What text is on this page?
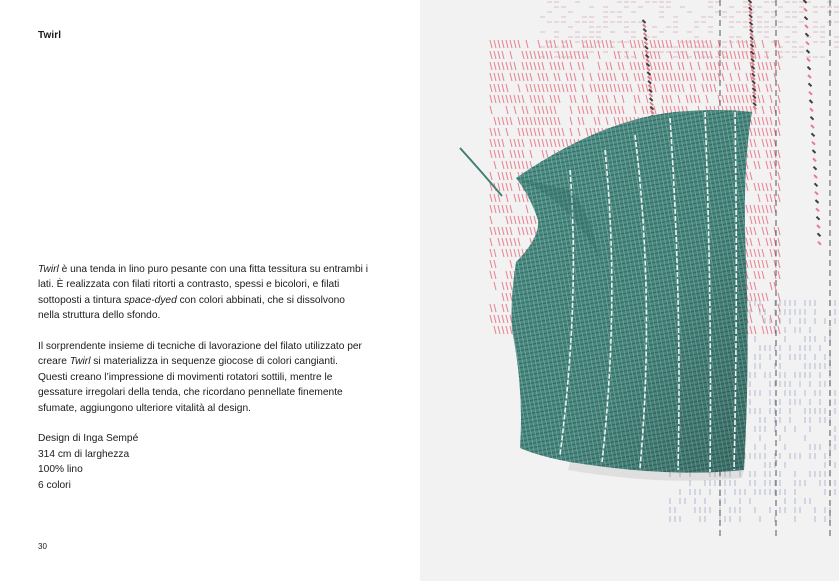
Twirl

Twirl è una tenda in lino puro pesante con una fitta tessitura su entrambi i lati. È realizzata con filati ritorti a contrasto, spessi e bicolori, e filati sottoposti a tintura space-dyed con colori abbinati, che si dissolvono nella struttura dello sfondo.

Il sorprendente insieme di tecniche di lavorazione del filato utilizzato per creare Twirl si materializza in sequenze giocose di colori cangianti. Questi creano l’impressione di movimenti rotatori sottili, mentre le gessature irregolari della tenda, che ricordano pennellate finemente sfumate, aggiungono ulteriore vitalità al design.

Design di Inga Sempé
314 cm di larghezza
100% lino
6 colori
30
